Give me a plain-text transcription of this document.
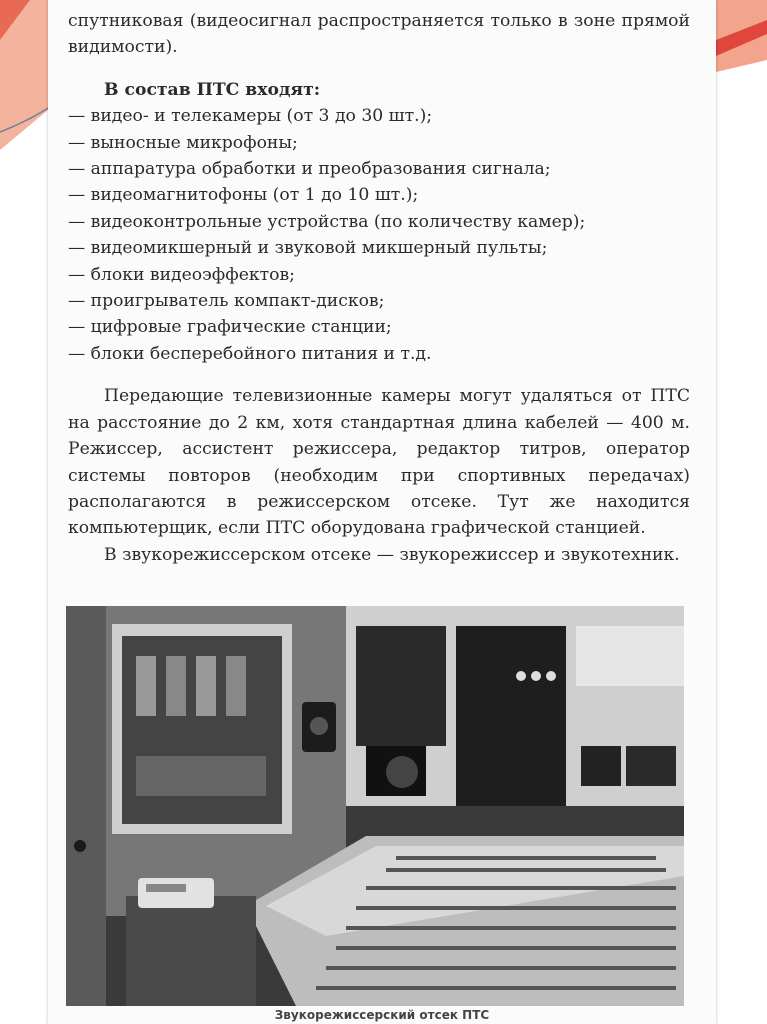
спутниковая (видеосигнал распространяется только в зоне прямой видимости).

В состав ПТС входят:

— видео- и телекамеры (от 3 до 30 шт.);
— выносные микрофоны;
— аппаратура обработки и преобразования сигнала;
— видеомагнитофоны (от 1 до 10 шт.);
— видеоконтрольные устройства (по количеству камер);
— видеомикшерный и звуковой микшерный пульты;
— блоки видеоэффектов;
— проигрыватель компакт-дисков;
— цифровые графические станции;
— блоки бесперебойного питания и т.д.

Передающие телевизионные камеры могут удаляться от ПТС на расстояние до 2 км, хотя стандартная длина кабелей — 400 м. Режиссер, ассистент режиссера, редактор титров, оператор системы повторов (необходим при спортивных передачах) располагаются в режиссерском отсеке. Тут же находится компьютерщик, если ПТС оборудована графической станцией.

В звукорежиссерском отсеке — звукорежиссер и звукотехник.

Звукорежиссерский отсек ПТС
